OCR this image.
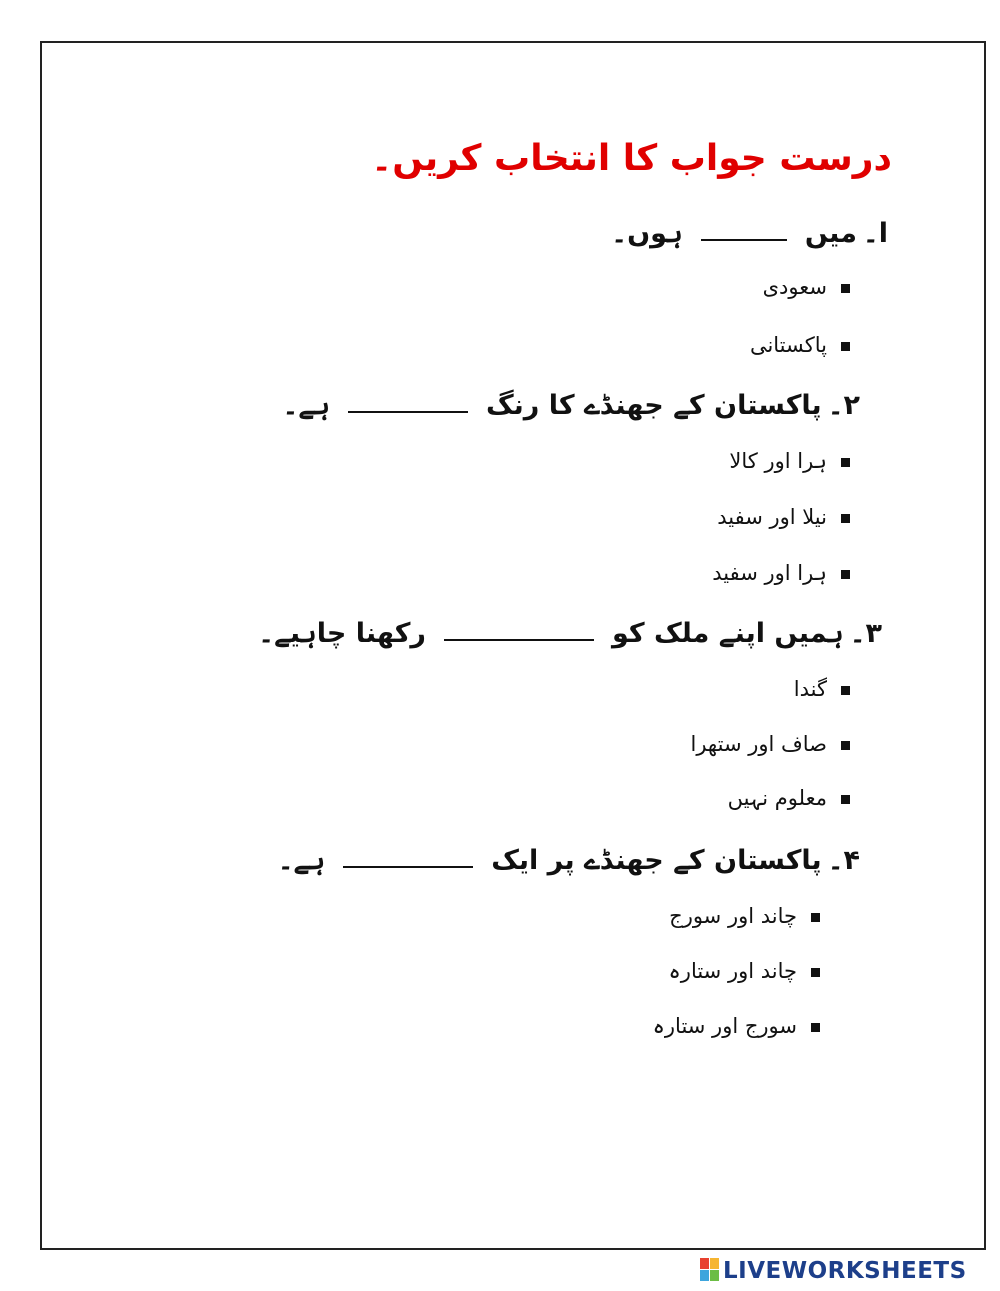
درست جواب کا انتخاب کریں۔
ا۔میںہوں۔
سعودی
پاکستانی
۲۔پاکستان کے جھنڈے کا رنگہے۔
ہرا اور کالا
نیلا اور سفید
ہرا اور سفید
۳۔ہمیں اپنے ملک کورکھنا چاہیے۔
گندا
صاف اور ستھرا
معلوم نہیں
۴۔پاکستان کے جھنڈے پر ایکہے۔
چاند اور سورج
چاند اور ستارہ
سورج اور ستارہ
LIVEWORKSHEETS
